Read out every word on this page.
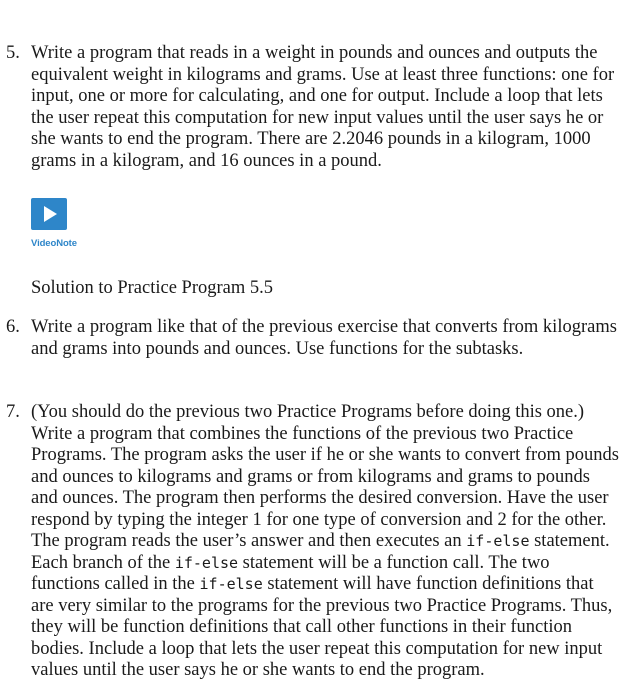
5. Write a program that reads in a weight in pounds and ounces and outputs the equivalent weight in kilograms and grams. Use at least three functions: one for input, one or more for calculating, and one for output. Include a loop that lets the user repeat this computation for new input values until the user says he or she wants to end the program. There are 2.2046 pounds in a kilogram, 1000 grams in a kilogram, and 16 ounces in a pound.
VideoNote
Solution to Practice Program 5.5
6. Write a program like that of the previous exercise that converts from kilograms and grams into pounds and ounces. Use functions for the subtasks.
7. (You should do the previous two Practice Programs before doing this one.) Write a program that combines the functions of the previous two Practice Programs. The program asks the user if he or she wants to convert from pounds and ounces to kilograms and grams or from kilograms and grams to pounds and ounces. The program then performs the desired conversion. Have the user respond by typing the integer 1 for one type of conversion and 2 for the other. The program reads the user’s answer and then executes an if-else statement. Each branch of the if-else statement will be a function call. The two functions called in the if-else statement will have function definitions that are very similar to the programs for the previous two Practice Programs. Thus, they will be function definitions that call other functions in their function bodies. Include a loop that lets the user repeat this computation for new input values until the user says he or she wants to end the program.
